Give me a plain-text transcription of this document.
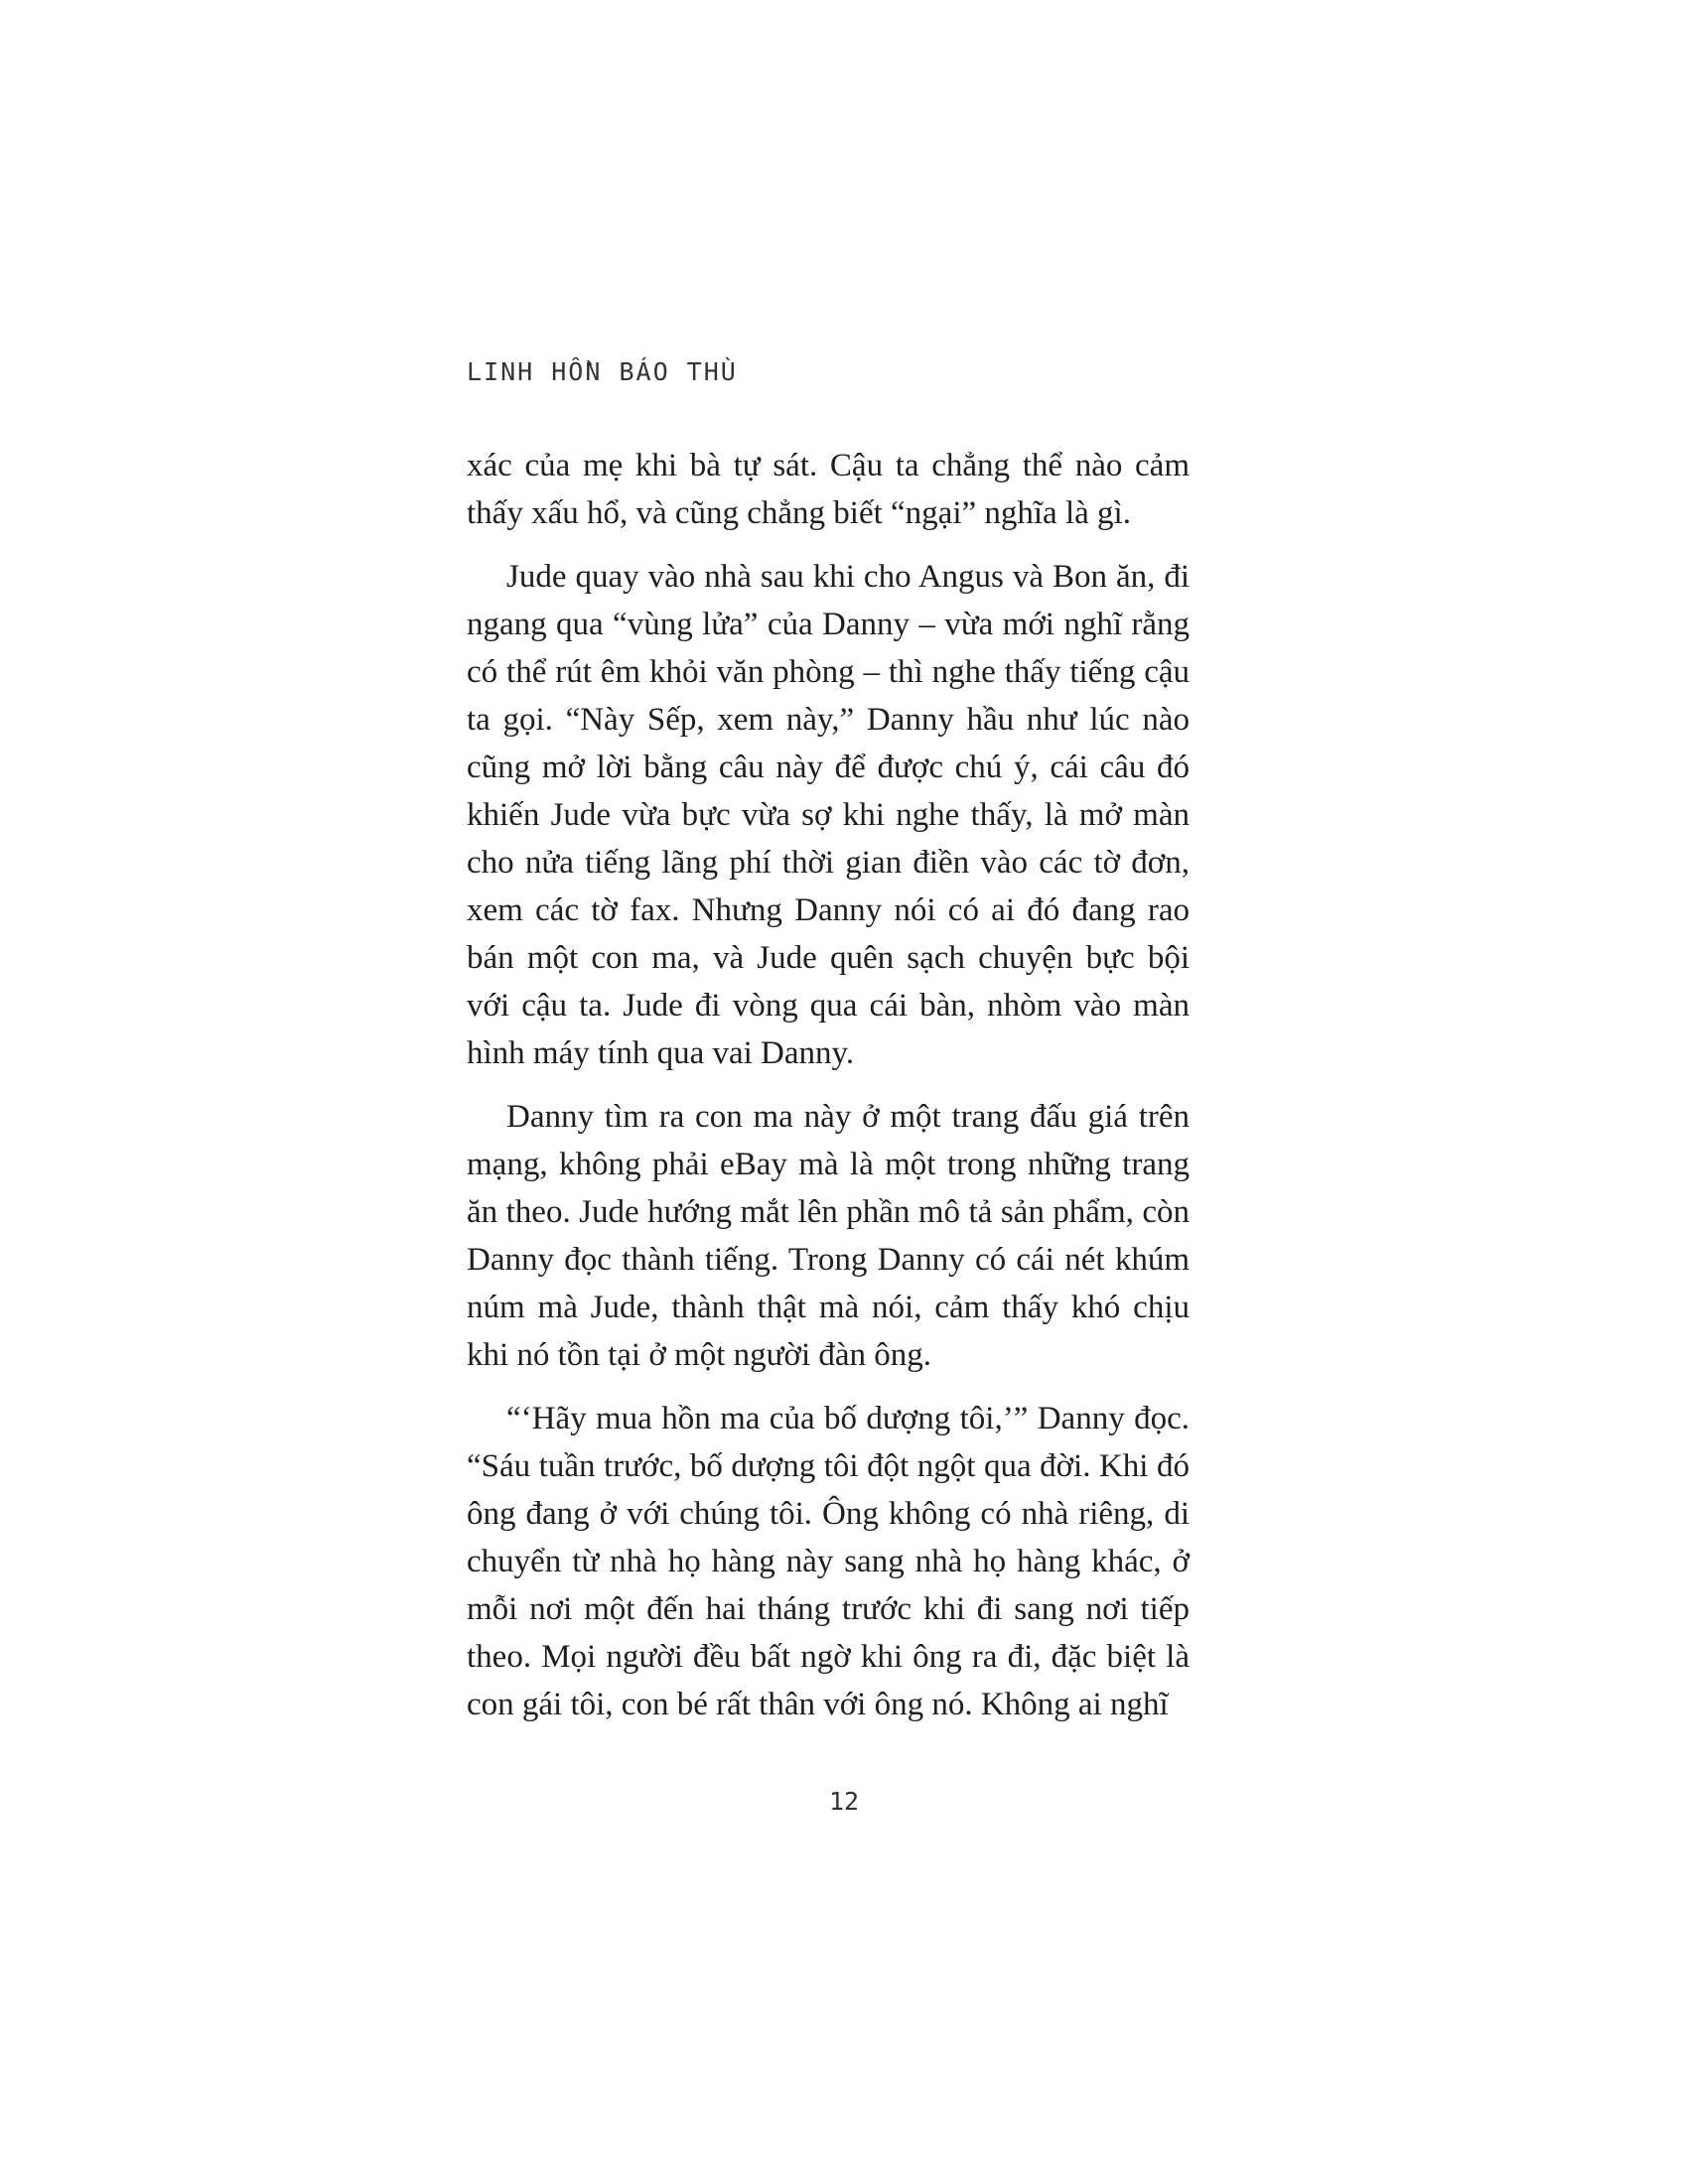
LINH HỒN BÁO THÙ

xác của mẹ khi bà tự sát. Cậu ta chẳng thể nào cảm thấy xấu hổ, và cũng chẳng biết “ngại” nghĩa là gì.

Jude quay vào nhà sau khi cho Angus và Bon ăn, đi ngang qua “vùng lửa” của Danny – vừa mới nghĩ rằng có thể rút êm khỏi văn phòng – thì nghe thấy tiếng cậu ta gọi. “Này Sếp, xem này,” Danny hầu như lúc nào cũng mở lời bằng câu này để được chú ý, cái câu đó khiến Jude vừa bực vừa sợ khi nghe thấy, là mở màn cho nửa tiếng lãng phí thời gian điền vào các tờ đơn, xem các tờ fax. Nhưng Danny nói có ai đó đang rao bán một con ma, và Jude quên sạch chuyện bực bội với cậu ta. Jude đi vòng qua cái bàn, nhòm vào màn hình máy tính qua vai Danny.

Danny tìm ra con ma này ở một trang đấu giá trên mạng, không phải eBay mà là một trong những trang ăn theo. Jude hướng mắt lên phần mô tả sản phẩm, còn Danny đọc thành tiếng. Trong Danny có cái nét khúm núm mà Jude, thành thật mà nói, cảm thấy khó chịu khi nó tồn tại ở một người đàn ông.

“‘Hãy mua hồn ma của bố dượng tôi,’” Danny đọc. “Sáu tuần trước, bố dượng tôi đột ngột qua đời. Khi đó ông đang ở với chúng tôi. Ông không có nhà riêng, di chuyển từ nhà họ hàng này sang nhà họ hàng khác, ở mỗi nơi một đến hai tháng trước khi đi sang nơi tiếp theo. Mọi người đều bất ngờ khi ông ra đi, đặc biệt là con gái tôi, con bé rất thân với ông nó. Không ai nghĩ

12
